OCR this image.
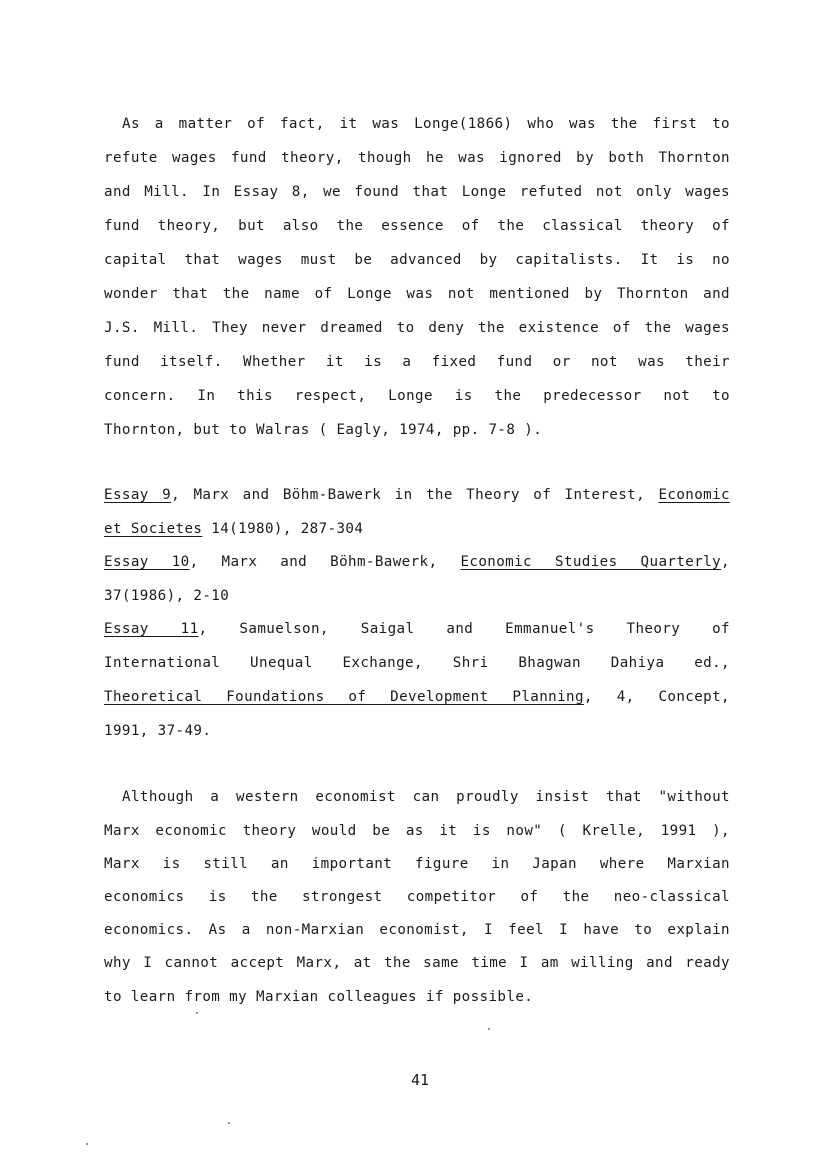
As a matter of fact, it was Longe(1866) who was the first to
refute wages fund theory, though he was ignored by both Thornton
and Mill. In Essay 8, we found that Longe refuted not only wages
fund theory, but also the essence of the classical theory of
capital that wages must be advanced by capitalists. It is no
wonder that the name of Longe was not mentioned by Thornton and
J.S. Mill. They never dreamed to deny the existence of the wages
fund itself. Whether it is a fixed fund or not was their
concern. In this respect, Longe is the predecessor not to
Thornton, but to Walras ( Eagly, 1974, pp. 7-8 ).
Essay 9, Marx and Böhm-Bawerk in the Theory of Interest, Economic
et Societes 14(1980), 287-304
Essay 10, Marx and Böhm-Bawerk, Economic Studies Quarterly,
37(1986), 2-10
Essay 11, Samuelson, Saigal and Emmanuel's Theory of
International Unequal Exchange, Shri Bhagwan Dahiya ed.,
Theoretical Foundations of Development Planning, 4, Concept,
1991, 37-49.
Although a western economist can proudly insist that "without
Marx economic theory would be as it is now" ( Krelle, 1991 ),
Marx is still an important figure in Japan where Marxian
economics is the strongest competitor of the neo-classical
economics. As a non-Marxian economist, I feel I have to explain
why I cannot accept Marx, at the same time I am willing and ready
to learn from my Marxian colleagues if possible.
41
